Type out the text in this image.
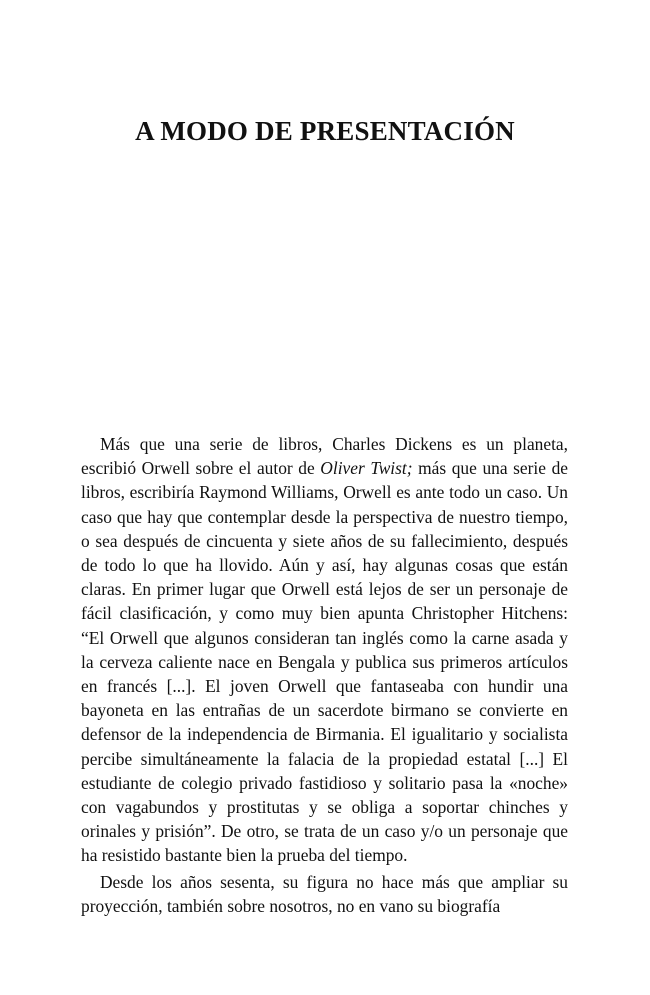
A MODO DE PRESENTACIÓN

Más que una serie de libros, Charles Dickens es un planeta, escribió Orwell sobre el autor de Oliver Twist; más que una serie de libros, escribiría Raymond Williams, Orwell es ante todo un caso. Un caso que hay que contemplar desde la perspectiva de nuestro tiempo, o sea después de cincuenta y siete años de su fallecimiento, después de todo lo que ha llovido. Aún y así, hay algunas cosas que están claras. En primer lugar que Orwell está lejos de ser un personaje de fácil clasificación, y como muy bien apunta Christopher Hitchens: “El Orwell que algunos consideran tan inglés como la carne asada y la cerveza caliente nace en Bengala y publica sus primeros artículos en francés [...]. El joven Orwell que fantaseaba con hundir una bayoneta en las entrañas de un sacerdote birmano se convierte en defensor de la independencia de Birmania. El igualitario y socialista percibe simultáneamente la falacia de la propiedad estatal [...] El estudiante de colegio privado fastidioso y solitario pasa la «noche» con vagabundos y prostitutas y se obliga a soportar chinches y orinales y prisión”. De otro, se trata de un caso y/o un personaje que ha resistido bastante bien la prueba del tiempo.

Desde los años sesenta, su figura no hace más que ampliar su proyección, también sobre nosotros, no en vano su biografía
